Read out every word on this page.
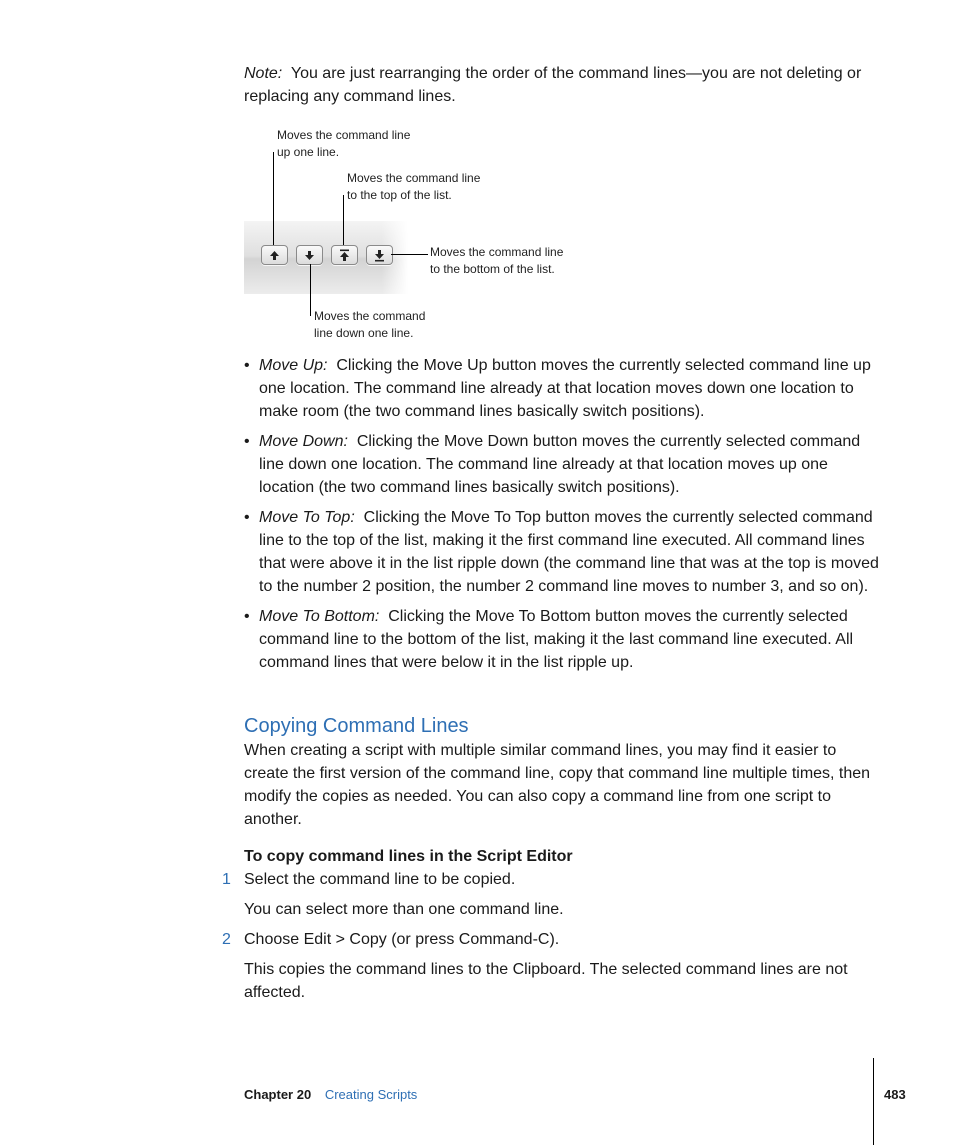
Note: You are just rearranging the order of the command lines—you are not deleting or replacing any command lines.
Moves the command line
up one line.
Moves the command line
to the top of the list.
Moves the command line
to the bottom of the list.
Moves the command
line down one line.
• Move Up: Clicking the Move Up button moves the currently selected command line up one location. The command line already at that location moves down one location to make room (the two command lines basically switch positions).
• Move Down: Clicking the Move Down button moves the currently selected command line down one location. The command line already at that location moves up one location (the two command lines basically switch positions).
• Move To Top: Clicking the Move To Top button moves the currently selected command line to the top of the list, making it the first command line executed. All command lines that were above it in the list ripple down (the command line that was at the top is moved to the number 2 position, the number 2 command line moves to number 3, and so on).
• Move To Bottom: Clicking the Move To Bottom button moves the currently selected command line to the bottom of the list, making it the last command line executed. All command lines that were below it in the list ripple up.
Copying Command Lines
When creating a script with multiple similar command lines, you may find it easier to create the first version of the command line, copy that command line multiple times, then modify the copies as needed. You can also copy a command line from one script to another.
To copy command lines in the Script Editor
1 Select the command line to be copied.
You can select more than one command line.
2 Choose Edit > Copy (or press Command-C).
This copies the command lines to the Clipboard. The selected command lines are not affected.
Chapter 20 Creating Scripts	483
